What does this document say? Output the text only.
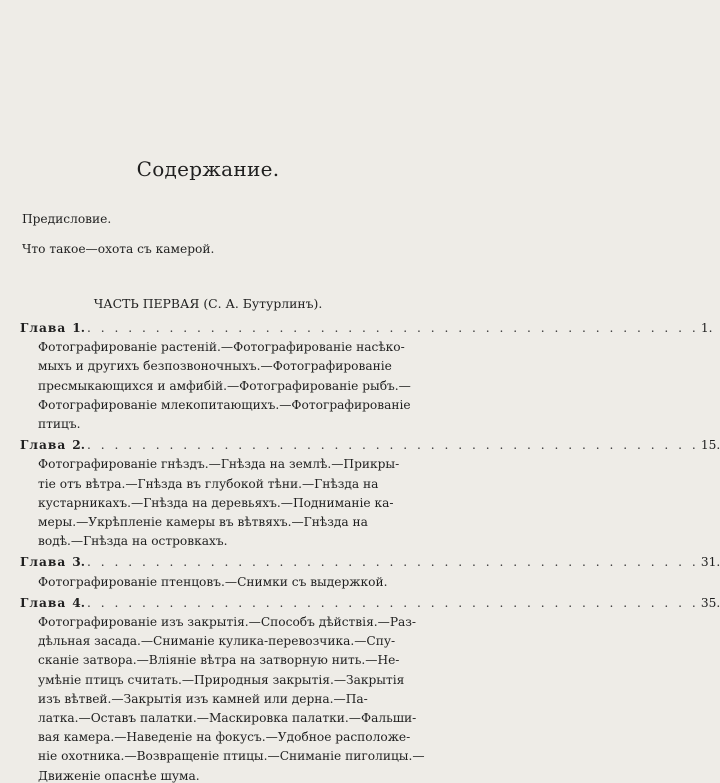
Содержание.
Предисловие.
Что такое—охота съ камерой.
ЧАСТЬ ПЕРВАЯ (С. А. Бутурлинъ).
Глава 1. . . . . . . . . . . . . . . . . . . . . . . . . . . . . . . . . . . . . . . . . . . . . . 1.
Фотографированіе растеній.—Фотографированіе насѣко-
мыхъ и другихъ безпозвоночныхъ.—Фотографированіе
пресмыкающихся и амфибій.—Фотографированіе рыбъ.—
Фотографированіе млекопитающихъ.—Фотографированіе
птицъ.
Глава 2. . . . . . . . . . . . . . . . . . . . . . . . . . . . . . . . . . . . . . . . . . . . . . 15.
Фотографированіе гнѣздъ.—Гнѣзда на землѣ.—Прикры-
тіе отъ вѣтра.—Гнѣзда въ глубокой тѣни.—Гнѣзда на
кустарникахъ.—Гнѣзда на деревьяхъ.—Подниманіе ка-
меры.—Укрѣпленіе камеры въ вѣтвяхъ.—Гнѣзда на
водѣ.—Гнѣзда на островкахъ.
Глава 3. . . . . . . . . . . . . . . . . . . . . . . . . . . . . . . . . . . . . . . . . . . . . . 31.
Фотографированіе птенцовъ.—Снимки съ выдержкой.
Глава 4. . . . . . . . . . . . . . . . . . . . . . . . . . . . . . . . . . . . . . . . . . . . . . 35.
Фотографированіе изъ закрытія.—Способъ дѣйствія.—Раз-
дѣльная засада.—Сниманіе кулика-перевозчика.—Спу-
сканіе затвора.—Вліяніе вѣтра на затворную нить.—Не-
умѣніе птицъ считать.—Природныя закрытія.—Закрытія
изъ вѣтвей.—Закрытія изъ камней или дерна.—Па-
латка.—Оставъ палатки.—Маскировка палатки.—Фальши-
вая камера.—Наведеніе на фокусъ.—Удобное расположе-
ніе охотника.—Возвращеніе птицы.—Сниманіе пиголицы.—
Движеніе опаснѣе шума.
